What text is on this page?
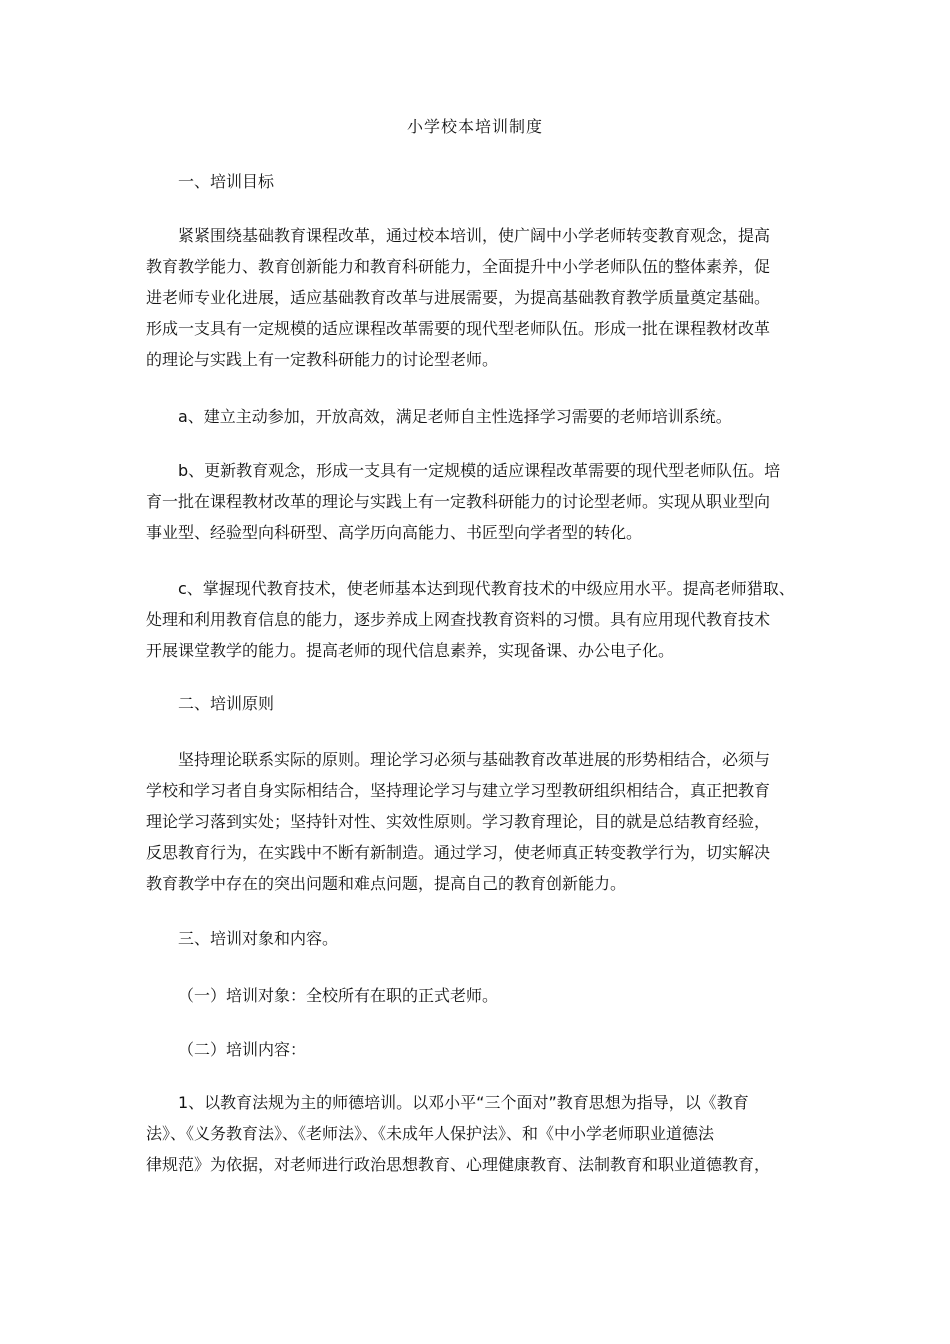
小学校本培训制度
一、培训目标
紧紧围绕基础教育课程改革，通过校本培训，使广阔中小学老师转变教育观念，提高
教育教学能力、教育创新能力和教育科研能力，全面提升中小学老师队伍的整体素养，促
进老师专业化进展，适应基础教育改革与进展需要，为提高基础教育教学质量奠定基础。
形成一支具有一定规模的适应课程改革需要的现代型老师队伍。形成一批在课程教材改革
的理论与实践上有一定教科研能力的讨论型老师。
a、建立主动参加，开放高效，满足老师自主性选择学习需要的老师培训系统。
b、更新教育观念，形成一支具有一定规模的适应课程改革需要的现代型老师队伍。培
育一批在课程教材改革的理论与实践上有一定教科研能力的讨论型老师。实现从职业型向
事业型、经验型向科研型、高学历向高能力、书匠型向学者型的转化。
c、掌握现代教育技术，使老师基本达到现代教育技术的中级应用水平。提高老师猎取、
处理和利用教育信息的能力，逐步养成上网查找教育资料的习惯。具有应用现代教育技术
开展课堂教学的能力。提高老师的现代信息素养，实现备课、办公电子化。
二、培训原则
坚持理论联系实际的原则。理论学习必须与基础教育改革进展的形势相结合，必须与
学校和学习者自身实际相结合，坚持理论学习与建立学习型教研组织相结合，真正把教育
理论学习落到实处；坚持针对性、实效性原则。学习教育理论，目的就是总结教育经验，
反思教育行为，在实践中不断有新制造。通过学习，使老师真正转变教学行为，切实解决
教育教学中存在的突出问题和难点问题，提高自己的教育创新能力。
三、培训对象和内容。
（一）培训对象：全校所有在职的正式老师。
（二）培训内容：
1、以教育法规为主的师德培训。以邓小平“三个面对”教育思想为指导，以《教育
法》、《义务教育法》、《老师法》、《未成年人保护法》、和《中小学老师职业道德法
律规范》为依据，对老师进行政治思想教育、心理健康教育、法制教育和职业道德教育，
